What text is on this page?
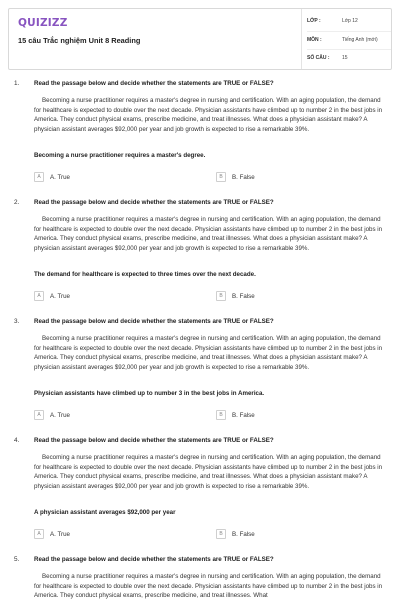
QUIZIZZ
15 câu Trắc nghiệm Unit 8 Reading
LỚP :	Lớp 12
MÔN :	Tiếng Anh (mới)
SỐ CÂU :	15
1. Read the passage below and decide whether the statements are TRUE or FALSE?

Becoming a nurse practitioner requires a master's degree in nursing and certification. With an aging population, the demand for healthcare is expected to double over the next decade. Physician assistants have climbed up to number 2 in the best jobs in America. They conduct physical exams, prescribe medicine, and treat illnesses. What does a physician assistant make? A physician assistant averages $92,000 per year and job growth is expected to rise a remarkable 39%.

Becoming a nurse practitioner requires a master's degree.
A	A. True	B	B. False
2. Read the passage below and decide whether the statements are TRUE or FALSE?

Becoming a nurse practitioner requires a master's degree in nursing and certification. With an aging population, the demand for healthcare is expected to double over the next decade. Physician assistants have climbed up to number 2 in the best jobs in America. They conduct physical exams, prescribe medicine, and treat illnesses. What does a physician assistant make? A physician assistant averages $92,000 per year and job growth is expected to rise a remarkable 39%.

The demand for healthcare is expected to three times over the next decade.
A	A. True	B	B. False
3. Read the passage below and decide whether the statements are TRUE or FALSE?

Becoming a nurse practitioner requires a master's degree in nursing and certification. With an aging population, the demand for healthcare is expected to double over the next decade. Physician assistants have climbed up to number 2 in the best jobs in America. They conduct physical exams, prescribe medicine, and treat illnesses. What does a physician assistant make? A physician assistant averages $92,000 per year and job growth is expected to rise a remarkable 39%.

Physician assistants have climbed up to number 3 in the best jobs in America.
A	A. True	B	B. False
4. Read the passage below and decide whether the statements are TRUE or FALSE?

Becoming a nurse practitioner requires a master's degree in nursing and certification. With an aging population, the demand for healthcare is expected to double over the next decade. Physician assistants have climbed up to number 2 in the best jobs in America. They conduct physical exams, prescribe medicine, and treat illnesses. What does a physician assistant make? A physician assistant averages $92,000 per year and job growth is expected to rise a remarkable 39%.

A physician assistant averages $92,000 per year
A	A. True	B	B. False
5. Read the passage below and decide whether the statements are TRUE or FALSE?

Becoming a nurse practitioner requires a master's degree in nursing and certification. With an aging population, the demand for healthcare is expected to double over the next decade. Physician assistants have climbed up to number 2 in the best jobs in America. They conduct physical exams, prescribe medicine, and treat illnesses. What
